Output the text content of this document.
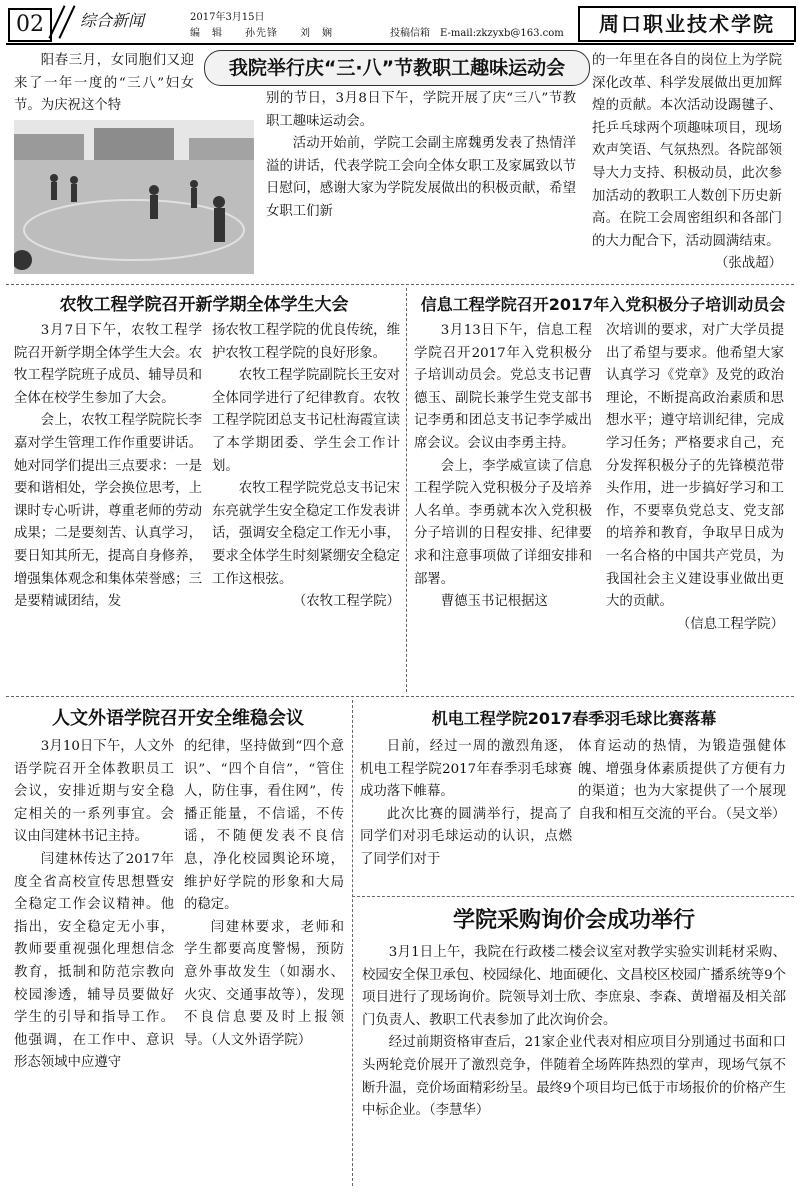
02	综合新闻	2017年3月15日
编　辑　　孙先锋　　刘　娴	投稿信箱　E-mail:zkzyxb@163.com	周口职业技术学院
我院举行庆“三·八”节教职工趣味运动会

阳春三月，女同胞们又迎来了一年一度的“三八”妇女节。为庆祝这个特	别的节日，3月8日下午，学院开展了庆“三八”节教职工趣味运动会。

活动开始前，学院工会副主席魏勇发表了热情洋溢的讲话，代表学院工会向全体女职工及家属致以节日慰问，感谢大家为学院发展做出的积极贡献，希望女职工们新

的一年里在各自的岗位上为学院深化改革、科学发展做出更加辉煌的贡献。本次活动设踢毽子、托乒乓球两个项趣味项目，现场欢声笑语、气氛热烈。各院部领导大力支持、积极动员，此次参加活动的教职工人数创下历史新高。在院工会周密组织和各部门的大力配合下，活动圆满结束。

（张战超）

农牧工程学院召开新学期全体学生大会

3月7日下午，农牧工程学院召开新学期全体学生大会。农牧工程学院班子成员、辅导员和全体在校学生参加了大会。

会上，农牧工程学院院长李嘉对学生管理工作作重要讲话。她对同学们提出三点要求：一是要和谐相处，学会换位思考，上课时专心听讲，尊重老师的劳动成果；二是要刻苦、认真学习，要日知其所无，提高自身修养，增强集体观念和集体荣誉感；三是要精诚团结，发

扬农牧工程学院的优良传统，维护农牧工程学院的良好形象。

农牧工程学院副院长王安对全体同学进行了纪律教育。农牧工程学院团总支书记杜海霞宣读了本学期团委、学生会工作计划。

农牧工程学院党总支书记宋东亮就学生安全稳定工作发表讲话，强调安全稳定工作无小事，要求全体学生时刻紧绷安全稳定工作这根弦。

（农牧工程学院）

信息工程学院召开2017年入党积极分子培训动员会

3月13日下午，信息工程学院召开2017年入党积极分子培训动员会。党总支书记曹德玉、副院长兼学生党支部书记李勇和团总支书记李学威出席会议。会议由李勇主持。

会上，李学威宣读了信息工程学院入党积极分子及培养人名单。李勇就本次入党积极分子培训的日程安排、纪律要求和注意事项做了详细安排和部署。

曹德玉书记根据这

次培训的要求，对广大学员提出了希望与要求。他希望大家认真学习《党章》及党的政治理论，不断提高政治素质和思想水平；遵守培训纪律，完成学习任务；严格要求自己，充分发挥积极分子的先锋模范带头作用，进一步搞好学习和工作，不要辜负党总支、党支部的培养和教育，争取早日成为一名合格的中国共产党员，为我国社会主义建设事业做出更大的贡献。

（信息工程学院）

人文外语学院召开安全维稳会议

3月10日下午，人文外语学院召开全体教职员工会议，安排近期与安全稳定相关的一系列事宜。会议由闫建林书记主持。

闫建林传达了2017年度全省高校宣传思想暨安全稳定工作会议精神。他指出，安全稳定无小事，教师要重视强化理想信念教育，抵制和防范宗教向校园渗透，辅导员要做好学生的引导和指导工作。他强调，在工作中、意识形态领域中应遵守

的纪律，坚持做到“四个意识”、“四个自信”，“管住人，防住事，看住网”，传播正能量，不信谣，不传谣，不随便发表不良信息，净化校园舆论环境，维护好学院的形象和大局的稳定。

闫建林要求，老师和学生都要高度警惕，预防意外事故发生（如溺水、火灾、交通事故等），发现不良信息要及时上报领导。（人文外语学院）

机电工程学院2017春季羽毛球比赛落幕

日前，经过一周的激烈角逐，机电工程学院2017年春季羽毛球赛成功落下帷幕。

此次比赛的圆满举行，提高了同学们对羽毛球运动的认识，点燃了同学们对于

体育运动的热情，为锻造强健体魄、增强身体素质提供了方便有力的渠道；也为大家提供了一个展现自我和相互交流的平台。（吴文举）

学院采购询价会成功举行

3月1日上午，我院在行政楼二楼会议室对教学实验实训耗材采购、校园安全保卫承包、校园绿化、地面硬化、文昌校区校园广播系统等9个项目进行了现场询价。院领导刘士欣、李庶泉、李森、黄增福及相关部门负责人、教职工代表参加了此次询价会。

经过前期资格审查后，21家企业代表对相应项目分别通过书面和口头两轮竞价展开了激烈竞争，伴随着全场阵阵热烈的掌声，现场气氛不断升温，竞价场面精彩纷呈。最终9个项目均已低于市场报价的价格产生中标企业。（李慧华）
